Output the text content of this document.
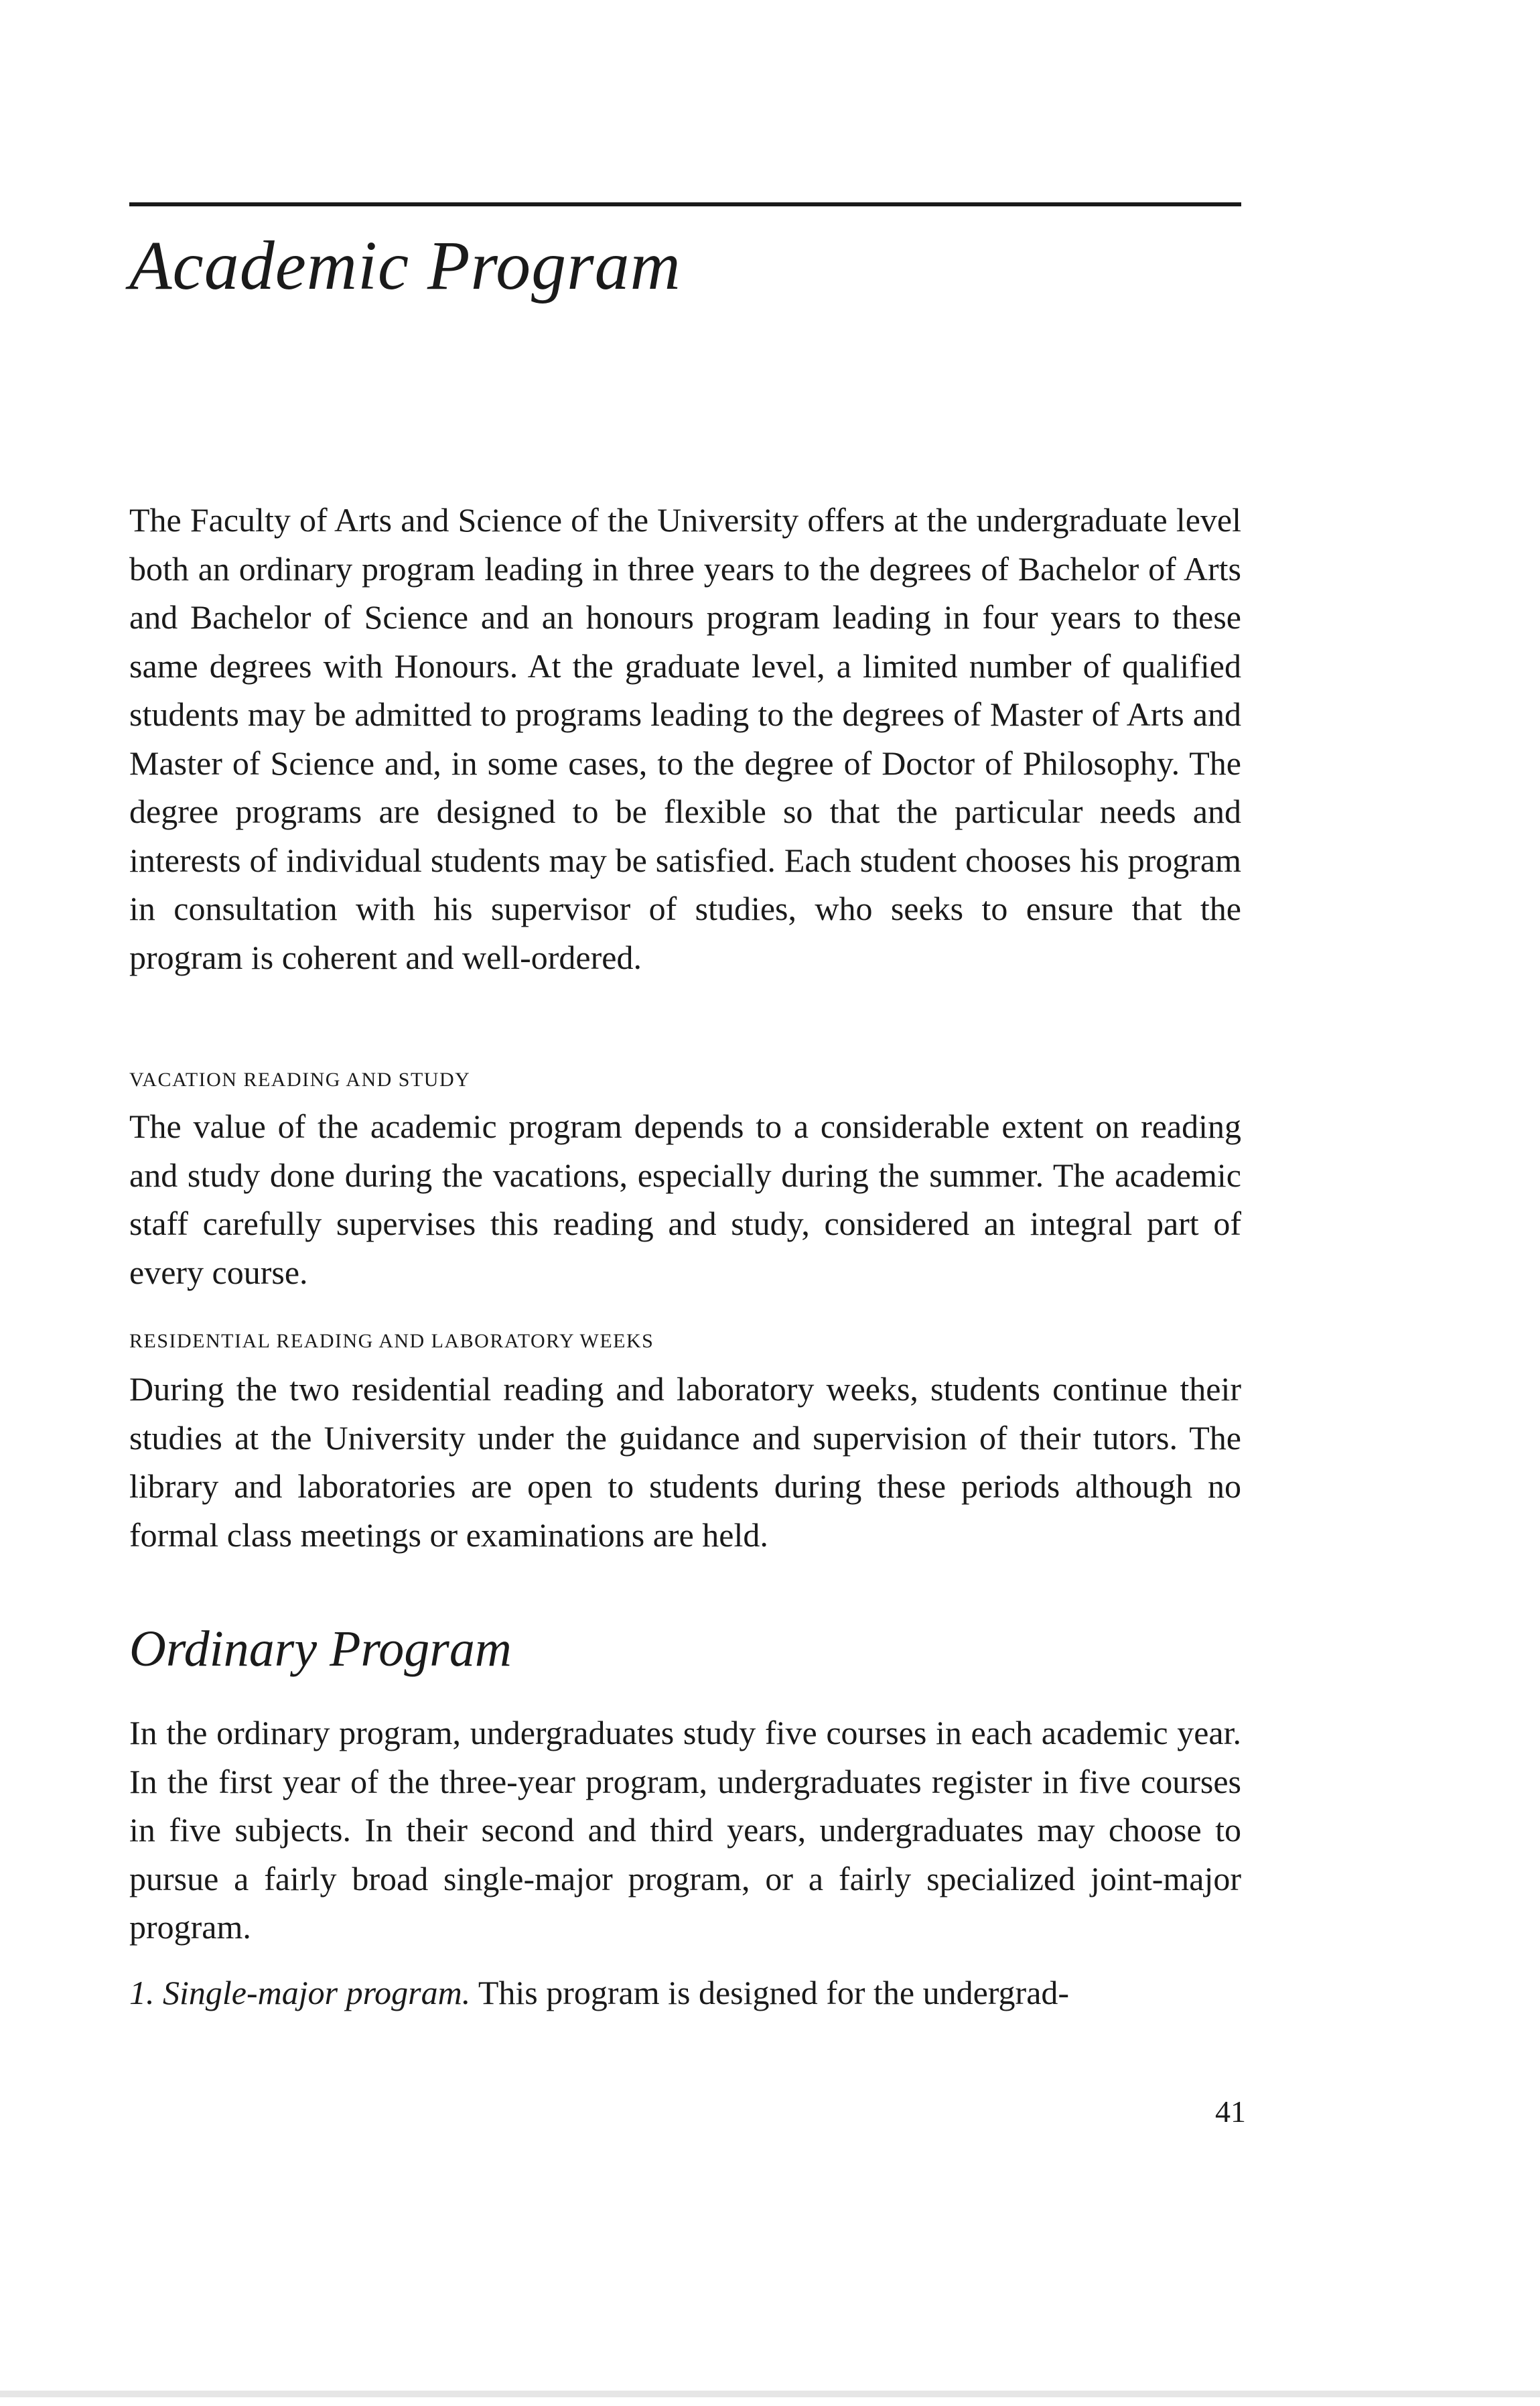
Academic Program

The Faculty of Arts and Science of the University offers at the undergraduate level both an ordinary program leading in three years to the degrees of Bachelor of Arts and Bachelor of Science and an honours program leading in four years to these same degrees with Honours. At the graduate level, a limited number of qualified students may be admitted to programs leading to the degrees of Master of Arts and Master of Science and, in some cases, to the degree of Doctor of Philosophy. The degree programs are designed to be flexible so that the particular needs and interests of individual students may be satisfied. Each student chooses his program in consultation with his supervisor of studies, who seeks to ensure that the program is coherent and well-ordered.

VACATION READING AND STUDY

The value of the academic program depends to a considerable extent on reading and study done during the vacations, especially during the summer. The academic staff carefully supervises this reading and study, considered an integral part of every course.

RESIDENTIAL READING AND LABORATORY WEEKS

During the two residential reading and laboratory weeks, students continue their studies at the University under the guidance and supervision of their tutors. The library and laboratories are open to students during these periods although no formal class meetings or examinations are held.

Ordinary Program

In the ordinary program, undergraduates study five courses in each academic year. In the first year of the three-year program, undergraduates register in five courses in five subjects. In their second and third years, undergraduates may choose to pursue a fairly broad single-major program, or a fairly specialized joint-major program.

1. Single-major program. This program is designed for the undergrad-

41
